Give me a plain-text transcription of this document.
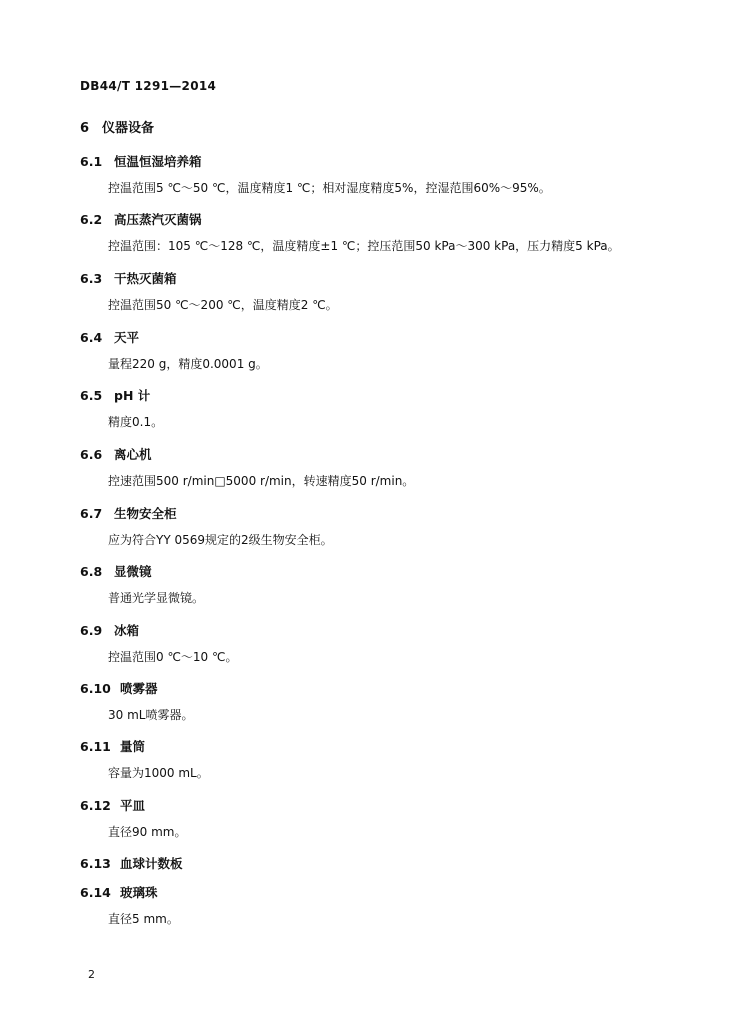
DB44/T 1291—2014
6 仪器设备
6.1 恒温恒湿培养箱
控温范围5 ℃～50 ℃，温度精度1 ℃；相对湿度精度5%，控湿范围60%～95%。
6.2 高压蒸汽灭菌锅
控温范围：105 ℃～128 ℃，温度精度±1 ℃；控压范围50 kPa～300 kPa，压力精度5 kPa。
6.3 干热灭菌箱
控温范围50 ℃～200 ℃，温度精度2 ℃。
6.4 天平
量程220 g，精度0.0001 g。
6.5 pH 计
精度0.1。
6.6 离心机
控速范围500 r/min□5000 r/min，转速精度50 r/min。
6.7 生物安全柜
应为符合YY 0569规定的2级生物安全柜。
6.8 显微镜
普通光学显微镜。
6.9 冰箱
控温范围0 ℃～10 ℃。
6.10 喷雾器
30 mL喷雾器。
6.11 量筒
容量为1000 mL。
6.12 平皿
直径90 mm。
6.13 血球计数板
6.14 玻璃珠
直径5 mm。
2
